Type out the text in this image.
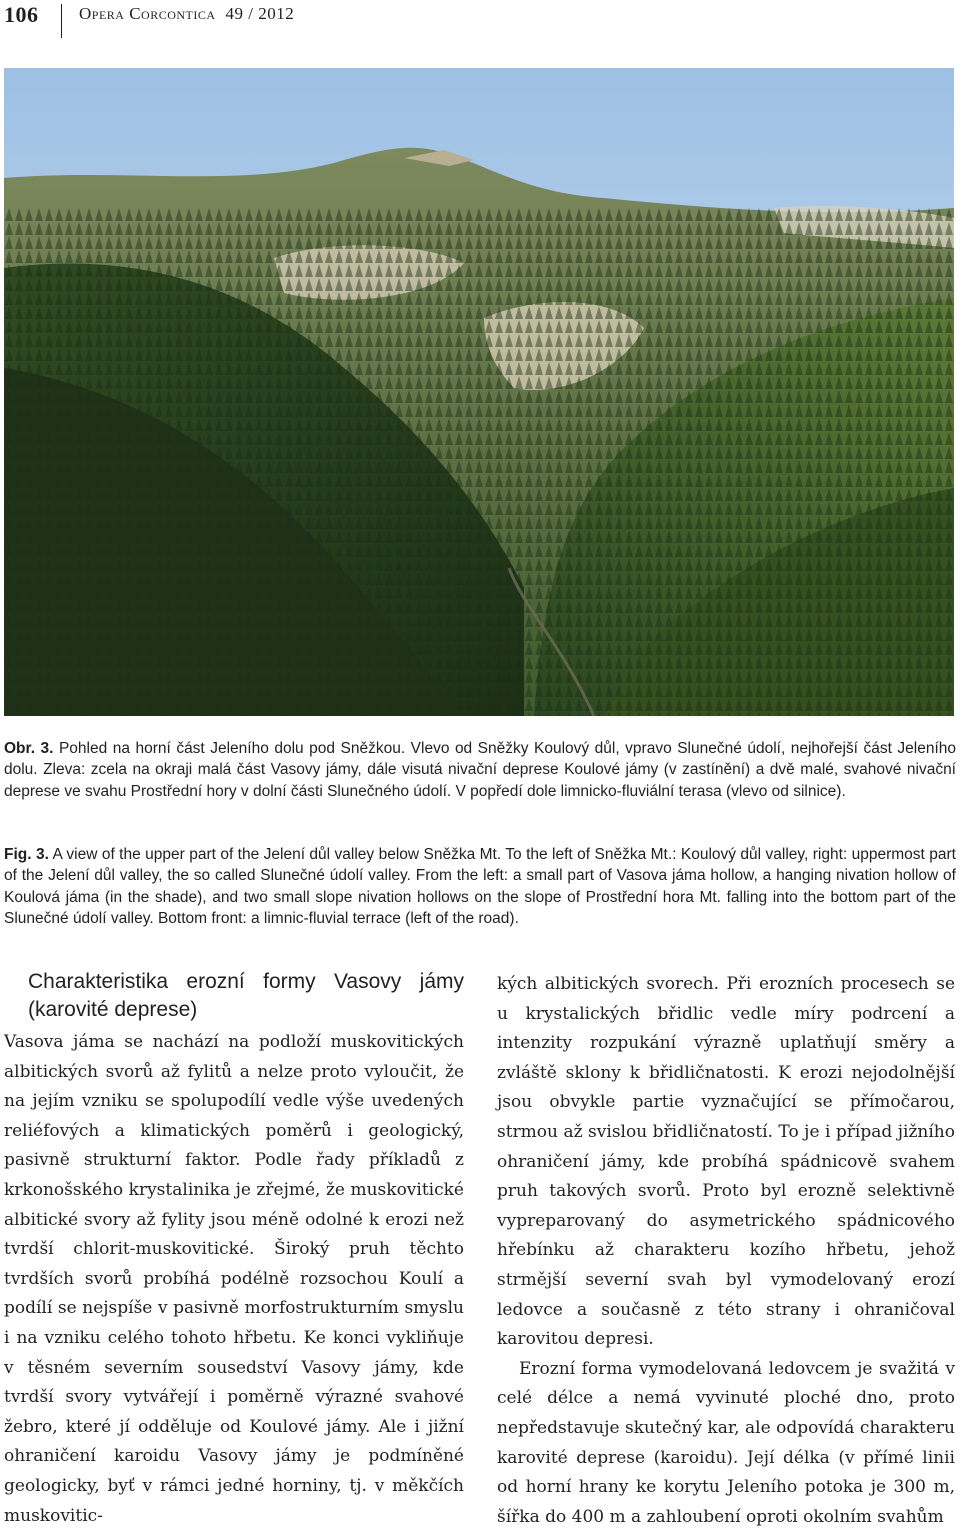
106 Opera Corcontica 49 / 2012
Obr. 3. Pohled na horní část Jeleního dolu pod Sněžkou. Vlevo od Sněžky Koulový důl, vpravo Slunečné údolí, nejhořejší část Jeleního dolu. Zleva: zcela na okraji malá část Vasovy jámy, dále visutá nivační deprese Koulové jámy (v zastínění) a dvě malé, svahové nivační deprese ve svahu Prostřední hory v dolní části Slunečného údolí. V popředí dole limnicko-fluviální terasa (vlevo od silnice).
Fig. 3. A view of the upper part of the Jelení důl valley below Sněžka Mt. To the left of Sněžka Mt.: Koulový důl valley, right: uppermost part of the Jelení důl valley, the so called Slunečné údolí valley. From the left: a small part of Vasova jáma hollow, a hanging nivation hollow of Koulová jáma (in the shade), and two small slope nivation hollows on the slope of Prostřední hora Mt. falling into the bottom part of the Slunečné údolí valley. Bottom front: a limnic-fluvial terrace (left of the road).
Charakteristika erozní formy Vasovy jámy (karovité deprese)

Vasova jáma se nachází na podloží muskovitických albitických svorů až fylitů a nelze proto vyloučit, že na jejím vzniku se spolupodílí vedle výše uvedených reliéfových a klimatických poměrů i geologický, pasivně strukturní faktor. Podle řady příkladů z krkonošského krystalinika je zřejmé, že muskovitické albitické svory až fylity jsou méně odolné k erozi než tvrdší chlorit-muskovitické. Široký pruh těchto tvrdších svorů probíhá podélně rozsochou Koulí a podílí se nejspíše v pasivně morfostrukturním smyslu i na vzniku celého tohoto hřbetu. Ke konci vykliňuje v těsném severním sousedství Vasovy jámy, kde tvrdší svory vytvářejí i poměrně výrazné svahové žebro, které jí odděluje od Koulové jámy. Ale i jižní ohraničení karoidu Vasovy jámy je podmíněné geologicky, byť v rámci jedné horniny, tj. v měkčích muskovitic-

kých albitických svorech. Při erozních procesech se u krystalických břidlic vedle míry podrcení a intenzity rozpukání výrazně uplatňují směry a zvláště sklony k břidličnatosti. K erozi nejodolnější jsou obvykle partie vyznačující se přímočarou, strmou až svislou břidličnatostí. To je i případ jižního ohraničení jámy, kde probíhá spádnicově svahem pruh takových svorů. Proto byl erozně selektivně vypreparovaný do asymetrického spádnicového hřebínku až charakteru kozího hřbetu, jehož strmější severní svah byl vymodelovaný erozí ledovce a současně z této strany i ohraničoval karovitou depresi.

Erozní forma vymodelovaná ledovcem je svažitá v celé délce a nemá vyvinuté ploché dno, proto nepředstavuje skutečný kar, ale odpovídá charakteru karovité deprese (karoidu). Její délka (v přímé linii od horní hrany ke korytu Jeleního potoka je 300 m, šířka do 400 m a zahloubení oproti okolním svahům
